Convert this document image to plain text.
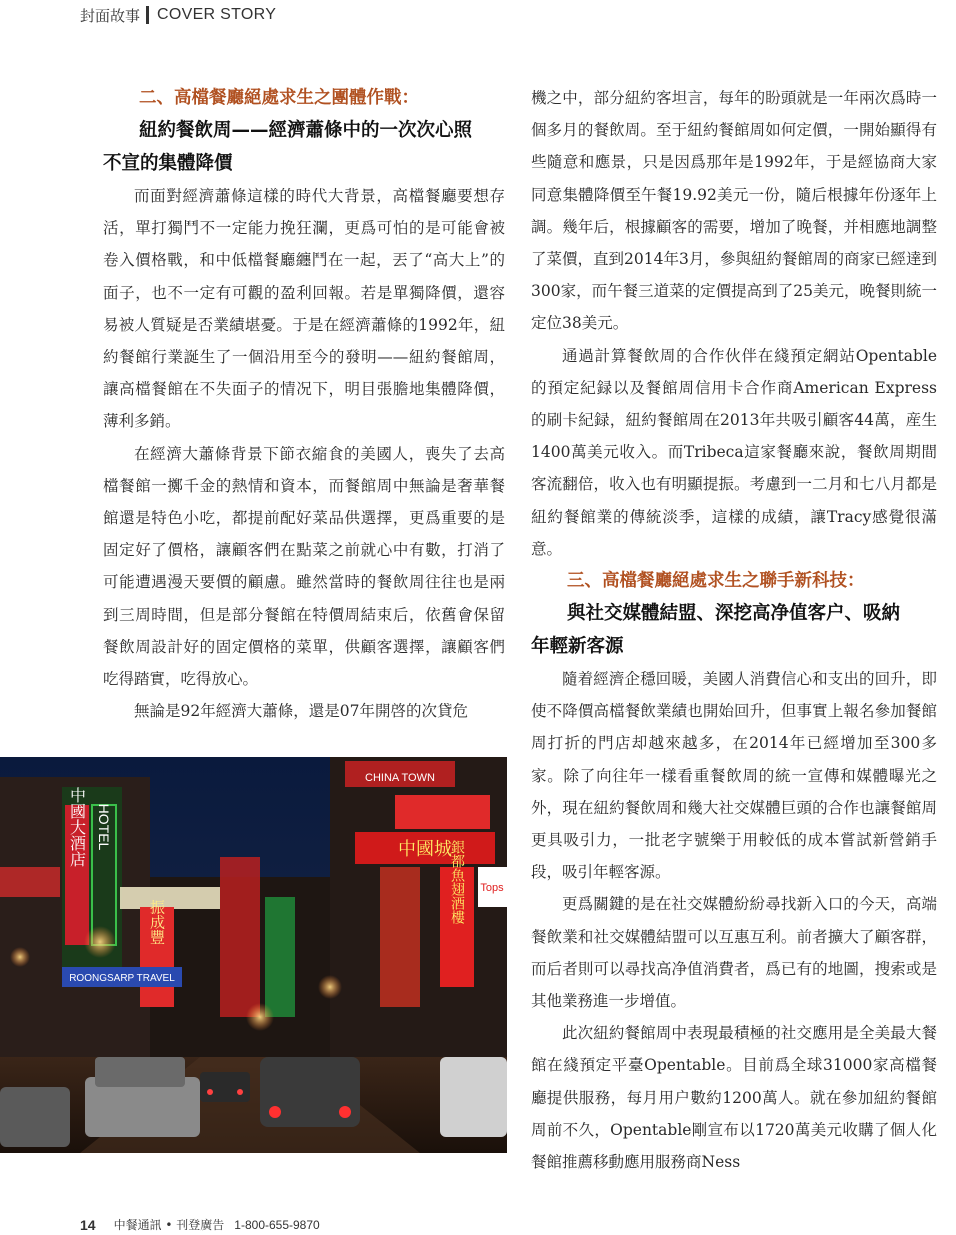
封面故事 COVER STORY
二、高檔餐廳絕處求生之團體作戰：
紐約餐飲周——經濟蕭條中的一次次心照
不宣的集體降價

而面對經濟蕭條這樣的時代大背景，高檔餐廳要想存活，單打獨鬥不一定能力挽狂瀾，更爲可怕的是可能會被卷入價格戰，和中低檔餐廳纏鬥在一起，丟了“高大上”的面子，也不一定有可觀的盈利回報。若是單獨降價，還容易被人質疑是否業績堪憂。于是在經濟蕭條的1992年，紐約餐館行業誕生了一個沿用至今的發明——紐約餐館周，讓高檔餐館在不失面子的情况下，明目張膽地集體降價，薄利多銷。

在經濟大蕭條背景下節衣縮食的美國人，喪失了去高檔餐館一擲千金的熱情和資本，而餐館周中無論是奢華餐館還是特色小吃，都提前配好菜品供選擇，更爲重要的是固定好了價格，讓顧客們在點菜之前就心中有數，打消了可能遭遇漫天要價的顧慮。雖然當時的餐飲周往往也是兩到三周時間，但是部分餐館在特價周結束后，依舊會保留餐飲周設計好的固定價格的菜單，供顧客選擇，讓顧客們吃得踏實，吃得放心。

無論是92年經濟大蕭條，還是07年開啓的次貸危

機之中，部分紐約客坦言，每年的盼頭就是一年兩次爲時一個多月的餐飲周。至于紐約餐館周如何定價，一開始顯得有些隨意和應景，只是因爲那年是1992年，于是經協商大家同意集體降價至午餐19.92美元一份，隨后根據年份逐年上調。幾年后，根據顧客的需要，增加了晚餐，并相應地調整了菜價，直到2014年3月，參與紐約餐館周的商家已經達到300家，而午餐三道菜的定價提高到了25美元，晚餐則統一定位38美元。

通過計算餐飲周的合作伙伴在綫預定網站Opentable的預定紀録以及餐館周信用卡合作商American Express的刷卡紀録，紐約餐館周在2013年共吸引顧客44萬，産生1400萬美元收入。而Tribeca這家餐廳來說，餐飲周期間客流翻倍，收入也有明顯提振。考慮到一二月和七八月都是紐約餐館業的傳統淡季，這樣的成績，讓Tracy感覺很滿意。

三、高檔餐廳絕處求生之聯手新科技：
與社交媒體結盟、深挖高净值客户、吸納
年輕新客源

隨着經濟企穩回暖，美國人消費信心和支出的回升，即使不降價高檔餐飲業績也開始回升，但事實上報名參加餐館周打折的門店却越來越多，在2014年已經增加至300多家。除了向往年一樣看重餐飲周的統一宣傳和媒體曝光之外，現在紐約餐飲周和幾大社交媒體巨頭的合作也讓餐館周更具吸引力，一批老字號樂于用較低的成本嘗試新營銷手段，吸引年輕客源。

更爲關鍵的是在社交媒體紛紛尋找新入口的今天，高端餐飲業和社交媒體結盟可以互惠互利。前者擴大了顧客群，而后者則可以尋找高净值消費者，爲已有的地圖，搜索或是其他業務進一步增值。

此次紐約餐館周中表現最積極的社交應用是全美最大餐館在綫預定平臺Opentable。目前爲全球31000家高檔餐廳提供服務，每月用户數約1200萬人。就在參加紐約餐館周前不久，Opentable剛宣布以1720萬美元收購了個人化餐館推薦移動應用服務商Ness

中國大酒店 HOTEL
振成豐
ROONGSARP TRAVEL
CHINA TOWN
中國城
銀都魚翅酒樓 Tops
14 中餐通訊 • 刊登廣告 1-800-655-9870
